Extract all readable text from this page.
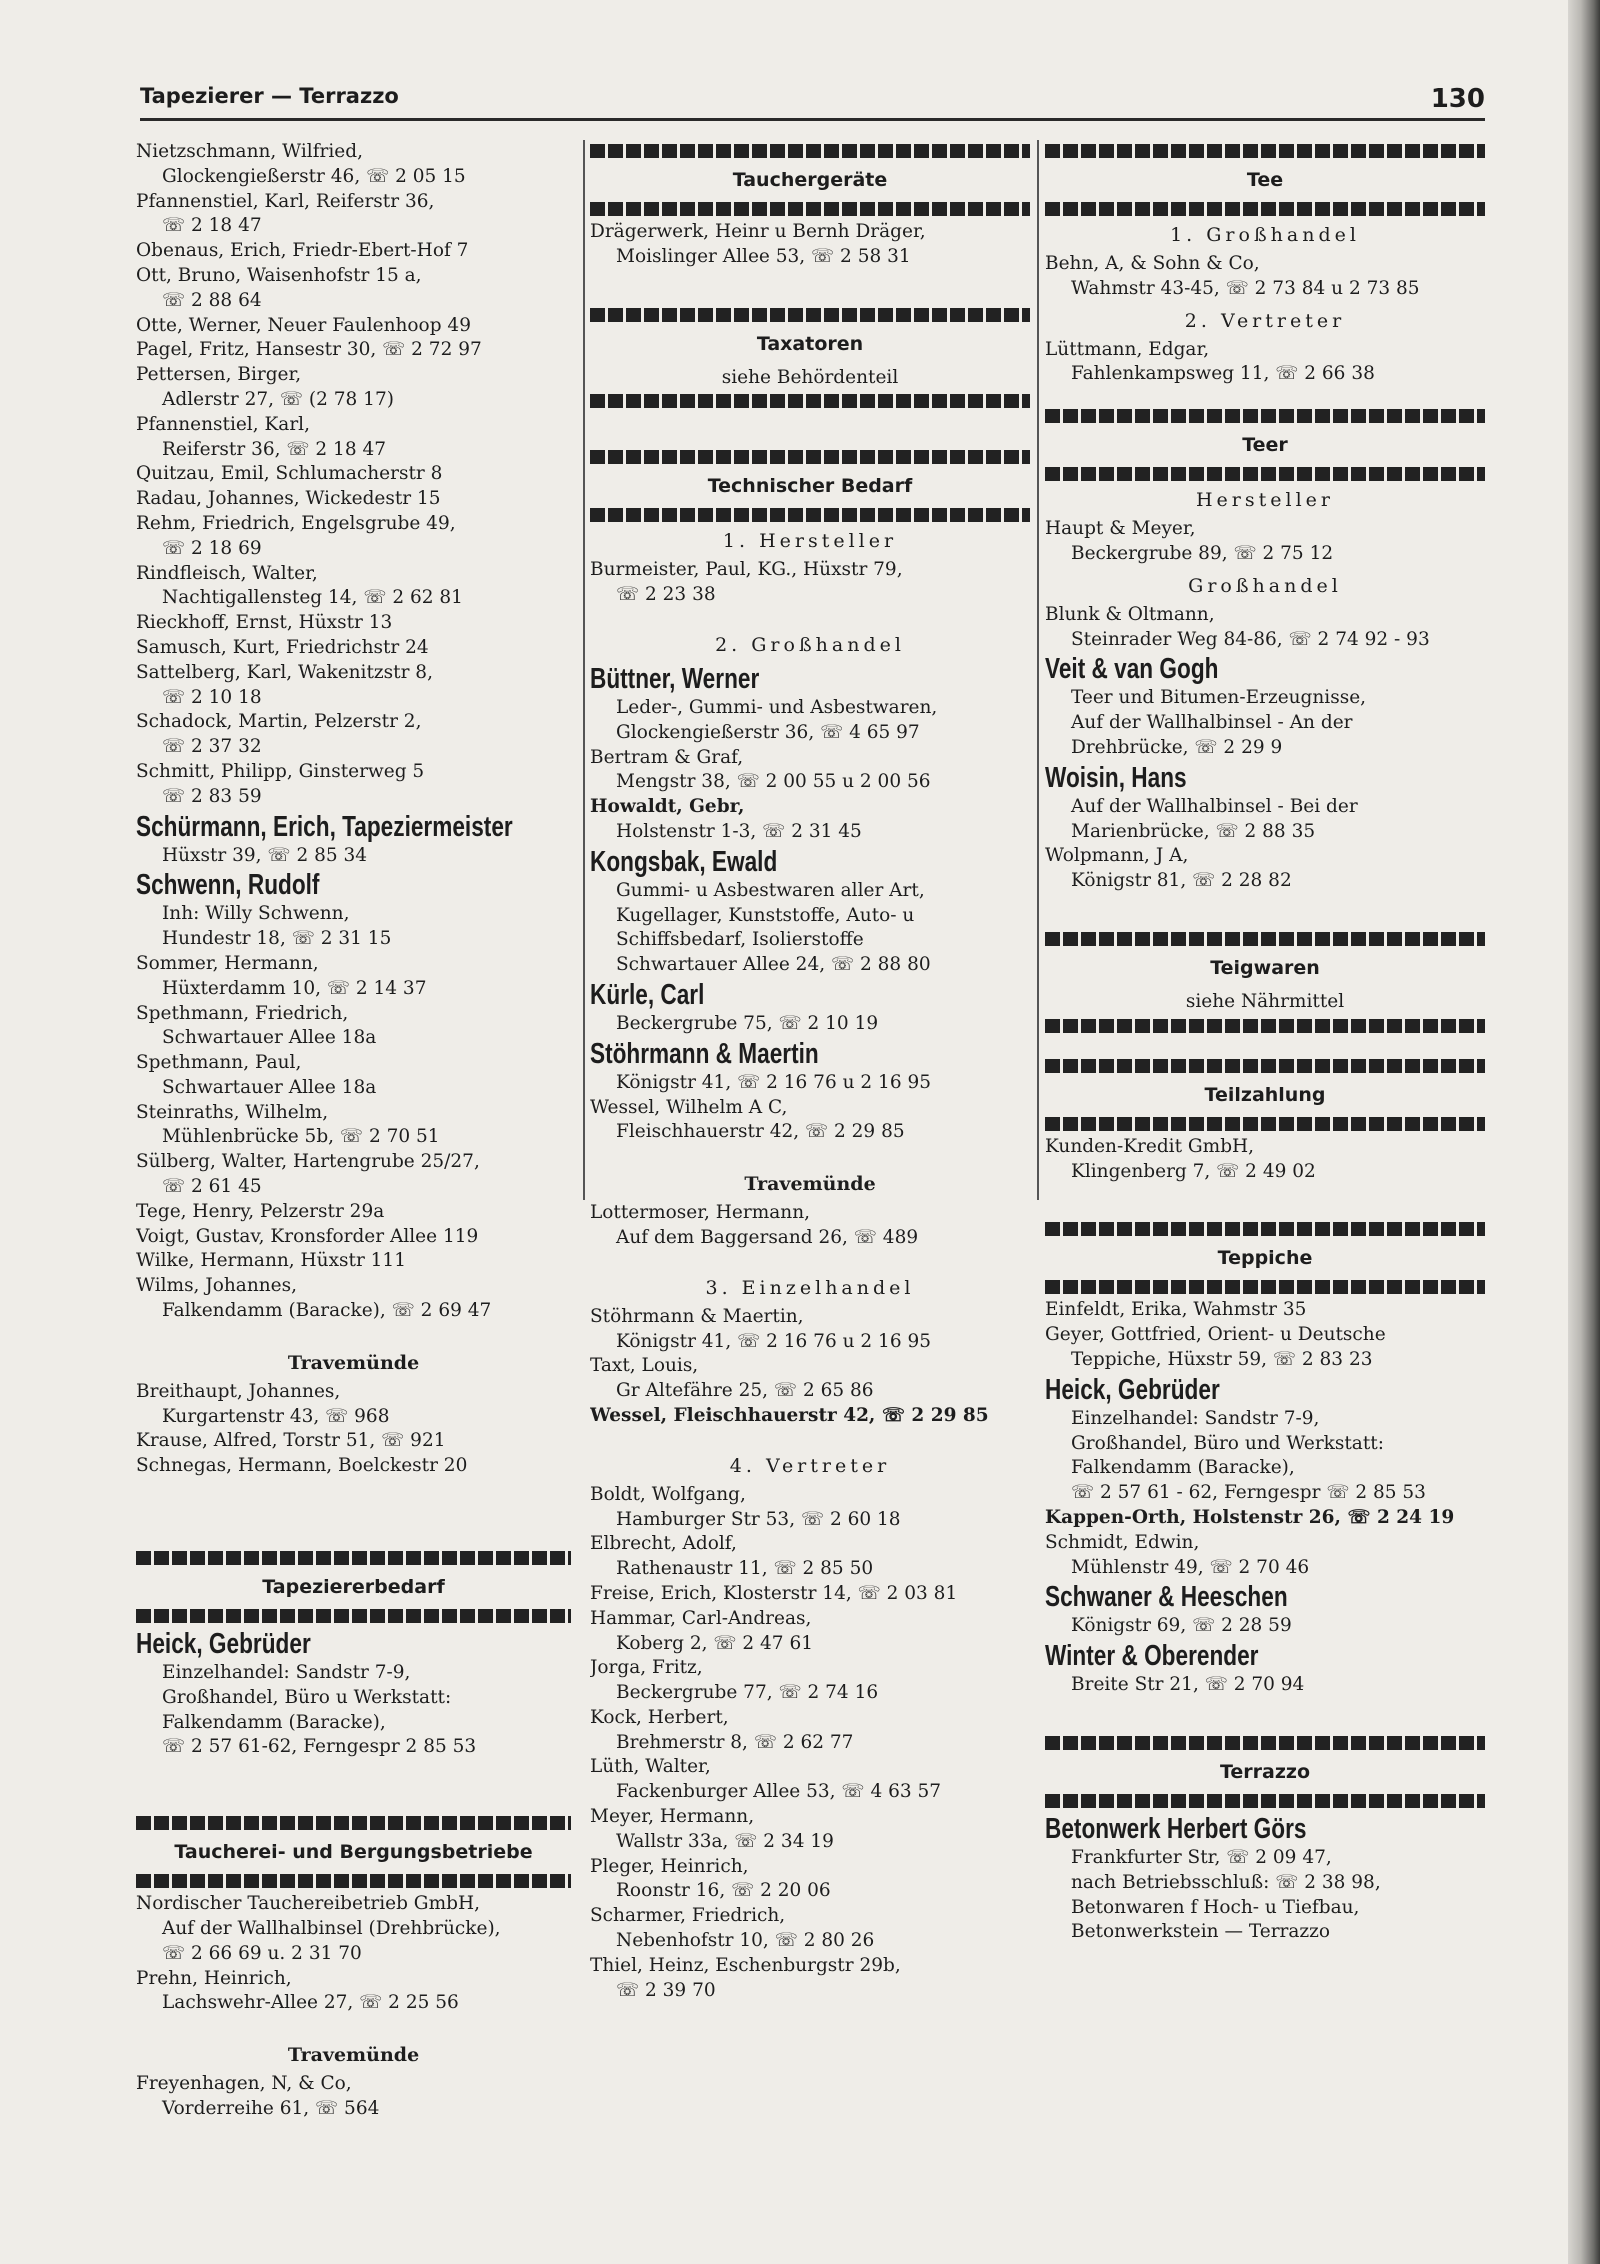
Tapezierer — Terrazzo	130
Nietzschmann, Wilfried,
Glockengießerstr 46, ☏ 2 05 15
Pfannenstiel, Karl, Reiferstr 36,
☏ 2 18 47
Obenaus, Erich, Friedr-Ebert-Hof 7
Ott, Bruno, Waisenhofstr 15 a,
☏ 2 88 64
Otte, Werner, Neuer Faulenhoop 49
Pagel, Fritz, Hansestr 30, ☏ 2 72 97
Pettersen, Birger,
Adlerstr 27, ☏ (2 78 17)
Pfannenstiel, Karl,
Reiferstr 36, ☏ 2 18 47
Quitzau, Emil, Schlumacherstr 8
Radau, Johannes, Wickedestr 15
Rehm, Friedrich, Engelsgrube 49,
☏ 2 18 69
Rindfleisch, Walter,
Nachtigallensteg 14, ☏ 2 62 81
Rieckhoff, Ernst, Hüxstr 13
Samusch, Kurt, Friedrichstr 24
Sattelberg, Karl, Wakenitzstr 8,
☏ 2 10 18
Schadock, Martin, Pelzerstr 2,
☏ 2 37 32
Schmitt, Philipp, Ginsterweg 5
☏ 2 83 59
Schürmann, Erich, Tapeziermeister
Hüxstr 39, ☏ 2 85 34
Schwenn, Rudolf
Inh: Willy Schwenn,
Hundestr 18, ☏ 2 31 15
Sommer, Hermann,
Hüxterdamm 10, ☏ 2 14 37
Spethmann, Friedrich,
Schwartauer Allee 18a
Spethmann, Paul,
Schwartauer Allee 18a
Steinraths, Wilhelm,
Mühlenbrücke 5b, ☏ 2 70 51
Sülberg, Walter, Hartengrube 25/27,
☏ 2 61 45
Tege, Henry, Pelzerstr 29a
Voigt, Gustav, Kronsforder Allee 119
Wilke, Hermann, Hüxstr 111
Wilms, Johannes,
Falkendamm (Baracke), ☏ 2 69 47
Travemünde
Breithaupt, Johannes,
Kurgartenstr 43, ☏ 968
Krause, Alfred, Torstr 51, ☏ 921
Schnegas, Hermann, Boelckestr 20
Tapeziererbedarf
Heick, Gebrüder
Einzelhandel: Sandstr 7-9,
Großhandel, Büro u Werkstatt:
Falkendamm (Baracke),
☏ 2 57 61-62, Ferngespr 2 85 53
Taucherei- und Bergungsbetriebe
Nordischer Tauchereibetrieb GmbH,
Auf der Wallhalbinsel (Drehbrücke),
☏ 2 66 69 u. 2 31 70
Prehn, Heinrich,
Lachswehr-Allee 27, ☏ 2 25 56
Travemünde
Freyenhagen, N, & Co,
Vorderreihe 61, ☏ 564
Tauchergeräte
Drägerwerk, Heinr u Bernh Dräger,
Moislinger Allee 53, ☏ 2 58 31
Taxatoren
siehe Behördenteil
Technischer Bedarf
1. Hersteller
Burmeister, Paul, KG., Hüxstr 79,
☏ 2 23 38
2. Großhandel
Büttner, Werner
Leder-, Gummi- und Asbestwaren,
Glockengießerstr 36, ☏ 4 65 97
Bertram & Graf,
Mengstr 38, ☏ 2 00 55 u 2 00 56
Howaldt, Gebr,
Holstenstr 1-3, ☏ 2 31 45
Kongsbak, Ewald
Gummi- u Asbestwaren aller Art,
Kugellager, Kunststoffe, Auto- u
Schiffsbedarf, Isolierstoffe
Schwartauer Allee 24, ☏ 2 88 80
Kürle, Carl
Beckergrube 75, ☏ 2 10 19
Stöhrmann & Maertin
Königstr 41, ☏ 2 16 76 u 2 16 95
Wessel, Wilhelm A C,
Fleischhauerstr 42, ☏ 2 29 85
Travemünde
Lottermoser, Hermann,
Auf dem Baggersand 26, ☏ 489
3. Einzelhandel
Stöhrmann & Maertin,
Königstr 41, ☏ 2 16 76 u 2 16 95
Taxt, Louis,
Gr Altefähre 25, ☏ 2 65 86
Wessel, Fleischhauerstr 42, ☏ 2 29 85
4. Vertreter
Boldt, Wolfgang,
Hamburger Str 53, ☏ 2 60 18
Elbrecht, Adolf,
Rathenaustr 11, ☏ 2 85 50
Freise, Erich, Klosterstr 14, ☏ 2 03 81
Hammar, Carl-Andreas,
Koberg 2, ☏ 2 47 61
Jorga, Fritz,
Beckergrube 77, ☏ 2 74 16
Kock, Herbert,
Brehmerstr 8, ☏ 2 62 77
Lüth, Walter,
Fackenburger Allee 53, ☏ 4 63 57
Meyer, Hermann,
Wallstr 33a, ☏ 2 34 19
Pleger, Heinrich,
Roonstr 16, ☏ 2 20 06
Scharmer, Friedrich,
Nebenhofstr 10, ☏ 2 80 26
Thiel, Heinz, Eschenburgstr 29b,
☏ 2 39 70
Tee
1. Großhandel
Behn, A, & Sohn & Co,
Wahmstr 43-45, ☏ 2 73 84 u 2 73 85
2. Vertreter
Lüttmann, Edgar,
Fahlenkampsweg 11, ☏ 2 66 38
Teer
Hersteller
Haupt & Meyer,
Beckergrube 89, ☏ 2 75 12
Großhandel
Blunk & Oltmann,
Steinrader Weg 84-86, ☏ 2 74 92 - 93
Veit & van Gogh
Teer und Bitumen-Erzeugnisse,
Auf der Wallhalbinsel - An der
Drehbrücke, ☏ 2 29 9
Woisin, Hans
Auf der Wallhalbinsel - Bei der
Marienbrücke, ☏ 2 88 35
Wolpmann, J A,
Königstr 81, ☏ 2 28 82
Teigwaren
siehe Nährmittel
Teilzahlung
Kunden-Kredit GmbH,
Klingenberg 7, ☏ 2 49 02
Teppiche
Einfeldt, Erika, Wahmstr 35
Geyer, Gottfried, Orient- u Deutsche
Teppiche, Hüxstr 59, ☏ 2 83 23
Heick, Gebrüder
Einzelhandel: Sandstr 7-9,
Großhandel, Büro und Werkstatt:
Falkendamm (Baracke),
☏ 2 57 61 - 62, Ferngespr ☏ 2 85 53
Kappen-Orth, Holstenstr 26, ☏ 2 24 19
Schmidt, Edwin,
Mühlenstr 49, ☏ 2 70 46
Schwaner & Heeschen
Königstr 69, ☏ 2 28 59
Winter & Oberender
Breite Str 21, ☏ 2 70 94
Terrazzo
Betonwerk Herbert Görs
Frankfurter Str, ☏ 2 09 47,
nach Betriebsschluß: ☏ 2 38 98,
Betonwaren f Hoch- u Tiefbau,
Betonwerkstein — Terrazzo
